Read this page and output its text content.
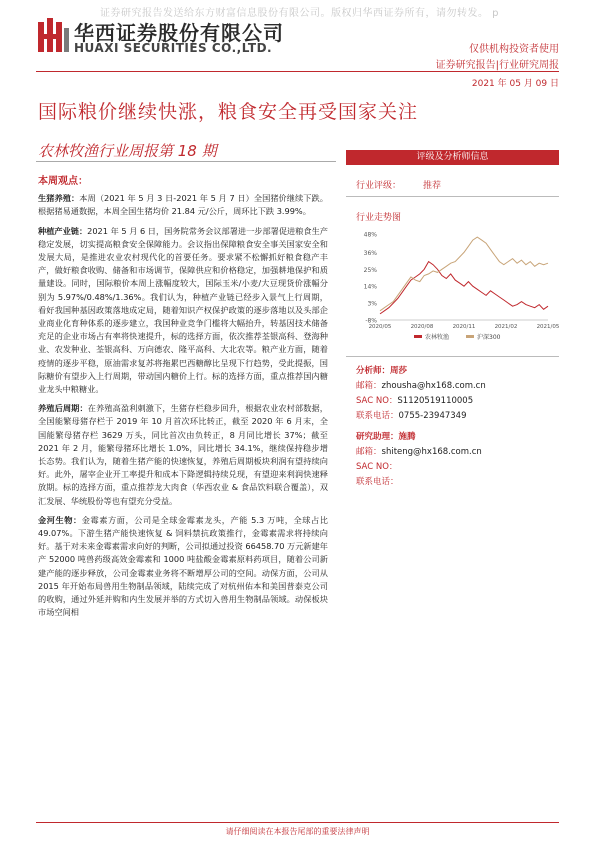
证券研究报告发送给东方财富信息股份有限公司。版权归华西证券所有，请勿转发。 p
华西证券股份有限公司
HUAXI SECURITIES CO.,LTD.	仅供机构投资者使用
证券研究报告|行业研究周报
2021 年 05 月 09 日
国际粮价继续快涨，粮食安全再受国家关注
农林牧渔行业周报第 18 期
本周观点：

生猪养殖：本周（2021 年 5 月 3 日-2021 年 5 月 7 日）全国猪价继续下跌。根据猪易通数据，本周全国生猪均价 21.84 元/公斤，周环比下跌 3.99%。

种植产业链：2021 年 5 月 6 日，国务院常务会议部署进一步部署促进粮食生产稳定发展，切实提高粮食安全保障能力。会议指出保障粮食安全事关国家安全和发展大局，是推进农业农村现代化的首要任务。要求紧不松懈抓好粮食稳产丰产，做好粮食收购、储备和市场调节，保障供应和价格稳定，加强耕地保护和质量建设。同时，国际粮价本周上涨幅度较大，国际玉米/小麦/大豆现货价涨幅分别为 5.97%/0.48%/1.36%。我们认为，种植产业链已经步入景气上行周期，看好我国种基因政策落地成定局，随着知识产权保护政策的逐步落地以及头部企业商业化育种体系的逐步建立，我国种业竞争门槛将大幅抬升，转基因技术储备充足的企业市场占有率将快速提升，标的选择方面，依次推荐荃银高科、登海种业、农发种业、荃银高科、万向德农、隆平高科、大北农等。粮产业方面，随着疫情的逐步平稳，原油需求复苏将拖累巴西糖醇比呈现下行趋势，受此提振，国际糖价有望步入上行周期，带动国内糖价上行。标的选择方面，重点推荐国内糖业龙头中粮糖业。

养殖后周期：在养殖高盈利刺激下，生猪存栏稳步回升，根据农业农村部数据，全国能繁母猪存栏于 2019 年 10 月首次环比转正，截至 2020 年 6 月末，全国能繁母猪存栏 3629 万头，同比首次由负转正，8 月同比增长 37%；截至 2021 年 2 月，能繁母猪环比增长 1.0%，同比增长 34.1%，继续保持稳步增长态势。我们认为，随着生猪产能的快速恢复，养殖后周期板块利润有望持续向好。此外，屠宰企业开工率提升和成本下降逻辑持续兑现，有望迎来利润快速释放期。标的选择方面，重点推荐龙大肉食（华西农业 & 食品饮料联合覆盖），双汇发展、华统股份等也有望充分受益。

金河生物：金霉素方面，公司是全球金霉素龙头，产能 5.3 万吨，全球占比 49.07%。下游生猪产能快速恢复 & 饲料禁抗政策推行，金霉素需求将持续向好。基于对未来金霉素需求向好的判断，公司拟通过投资 66458.70 万元新建年产 52000 吨兽药级高效金霉素和 1000 吨盐酸金霉素原料药项目，随着公司新建产能的逐步释放，公司金霉素业务将不断增厚公司的空间。动保方面，公司从 2015 年开始布局兽用生物制品领域，陆续完成了对杭州佑本和美国普泰克公司的收购，通过外延并购和内生发展并举的方式切入兽用生物制品领域。动保板块市场空间相

评级及分析师信息
行业评级： 推荐
行业走势图
48%
36%
25%
14%
3%
-8%
2020/05	2020/08	2020/11	2021/02	2021/05
农林牧渔	沪深300
分析师：周莎
邮箱：zhousha@hx168.com.cn
SAC NO：S1120519110005
联系电话：0755-23947349
研究助理：施腾
邮箱：shiteng@hx168.com.cn
SAC NO：
联系电话：
请仔细阅读在本报告尾部的重要法律声明
